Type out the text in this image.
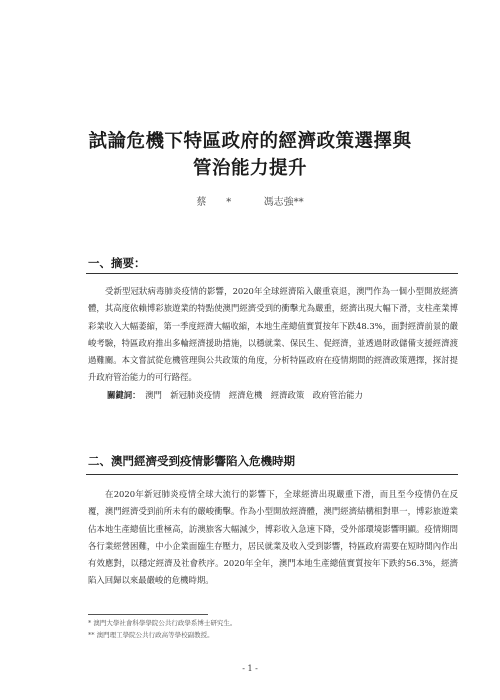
試論危機下特區政府的經濟政策選擇與
管治能力提升
蔡　　*	馮志強**
一、摘要：

受新型冠狀病毒肺炎疫情的影響，2020年全球經濟陷入嚴重衰退，澳門作為一個小型開放經濟體，其高度依賴博彩旅遊業的特點使澳門經濟受到的衝擊尤為嚴重，經濟出現大幅下滑，支柱產業博彩業收入大幅萎縮，第一季度經濟大幅收縮，本地生產總值實質按年下跌48.3%，面對經濟前景的嚴峻考驗，特區政府推出多輪經濟援助措施，以穩就業、保民生、促經濟，並透過財政儲備支援經濟渡過難關。本文嘗試從危機管理與公共政策的角度，分析特區政府在疫情期間的經濟政策選擇，探討提升政府管治能力的可行路徑。

關鍵詞： 澳門　新冠肺炎疫情　經濟危機　經濟政策　政府管治能力
二、澳門經濟受到疫情影響陷入危機時期

在2020年新冠肺炎疫情全球大流行的影響下，全球經濟出現嚴重下滑，而且至今疫情仍在反覆，澳門經濟受到前所未有的嚴峻衝擊。作為小型開放經濟體，澳門經濟結構相對單一，博彩旅遊業佔本地生產總值比重極高，訪澳旅客大幅減少，博彩收入急速下降，受外部環境影響明顯。疫情期間各行業經營困難，中小企業面臨生存壓力，居民就業及收入受到影響，特區政府需要在短時間內作出有效應對，以穩定經濟及社會秩序。2020年全年，澳門本地生產總值實質按年下跌約56.3%，經濟陷入回歸以來最嚴峻的危機時期。

* 澳門大學社會科學學院公共行政學系博士研究生。
** 澳門理工學院公共行政高等學校副教授。
- 1 -
